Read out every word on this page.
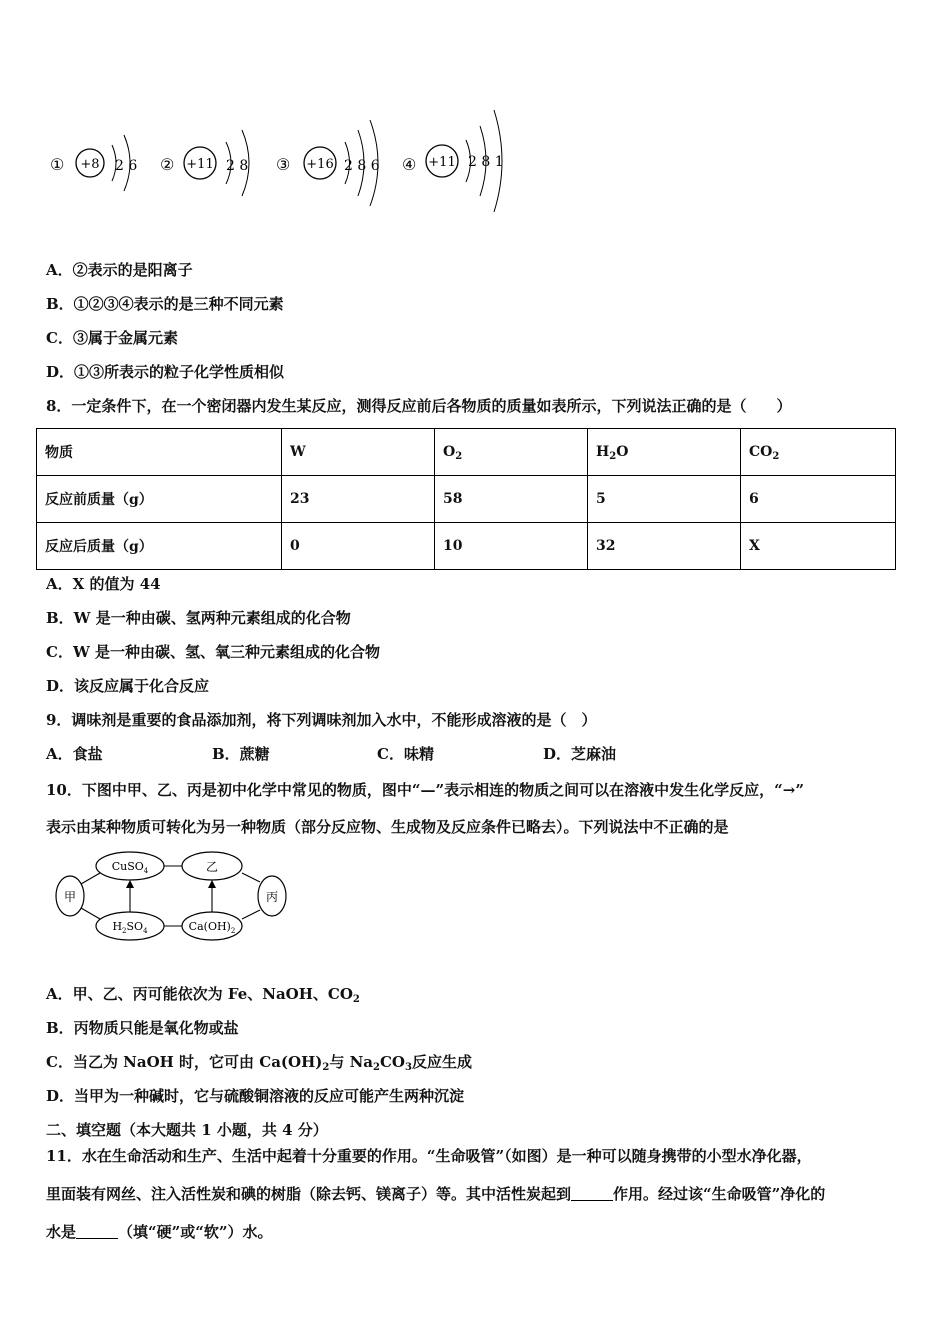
① +8 2 6 ② +11 2 8 ③ +16 2 8 6 ④ +11 2 8 1
A．②表示的是阳离子
B．①②③④表示的是三种不同元素
C．③属于金属元素
D．①③所表示的粒子化学性质相似
8．一定条件下，在一个密闭器内发生某反应，测得反应前后各物质的质量如表所示，下列说法正确的是（　　）
物质	W	$O_2$	$H_2O$	$CO_2$
反应前质量（g）	23	58	5	6
反应后质量（g）	0	10	32	X
A．X 的值为 44
B．W 是一种由碳、氢两种元素组成的化合物
C．W 是一种由碳、氢、氧三种元素组成的化合物
D．该反应属于化合反应
9．调味剂是重要的食品添加剂，将下列调味剂加入水中，不能形成溶液的是（　）
A．食盐	B．蔗糖	C．味精	D．芝麻油
10．下图中甲、乙、丙是初中化学中常见的物质，图中“—”表示相连的物质之间可以在溶液中发生化学反应，“→”
表示由某种物质可转化为另一种物质（部分反应物、生成物及反应条件已略去）。下列说法中不正确的是
甲
CuSO$_4$
$H_2SO_4$
乙
$Ca(OH)_2$
丙
A．甲、乙、丙可能依次为 Fe、NaOH、$CO_2$
B．丙物质只能是氧化物或盐
C．当乙为 NaOH 时，它可由 $Ca(OH)_2$与 $Na_2CO_3$反应生成
D．当甲为一种碱时，它与硫酸铜溶液的反应可能产生两种沉淀
二、填空题（本大题共 1 小题，共 4 分）
11．水在生命活动和生产、生活中起着十分重要的作用。“生命吸管”（如图）是一种可以随身携带的小型水净化器，
里面装有网丝、注入活性炭和碘的树脂（除去钙、镁离子）等。其中活性炭起到	作用。经过该“生命吸管”净化的
水是	（填“硬”或“软”）水。
